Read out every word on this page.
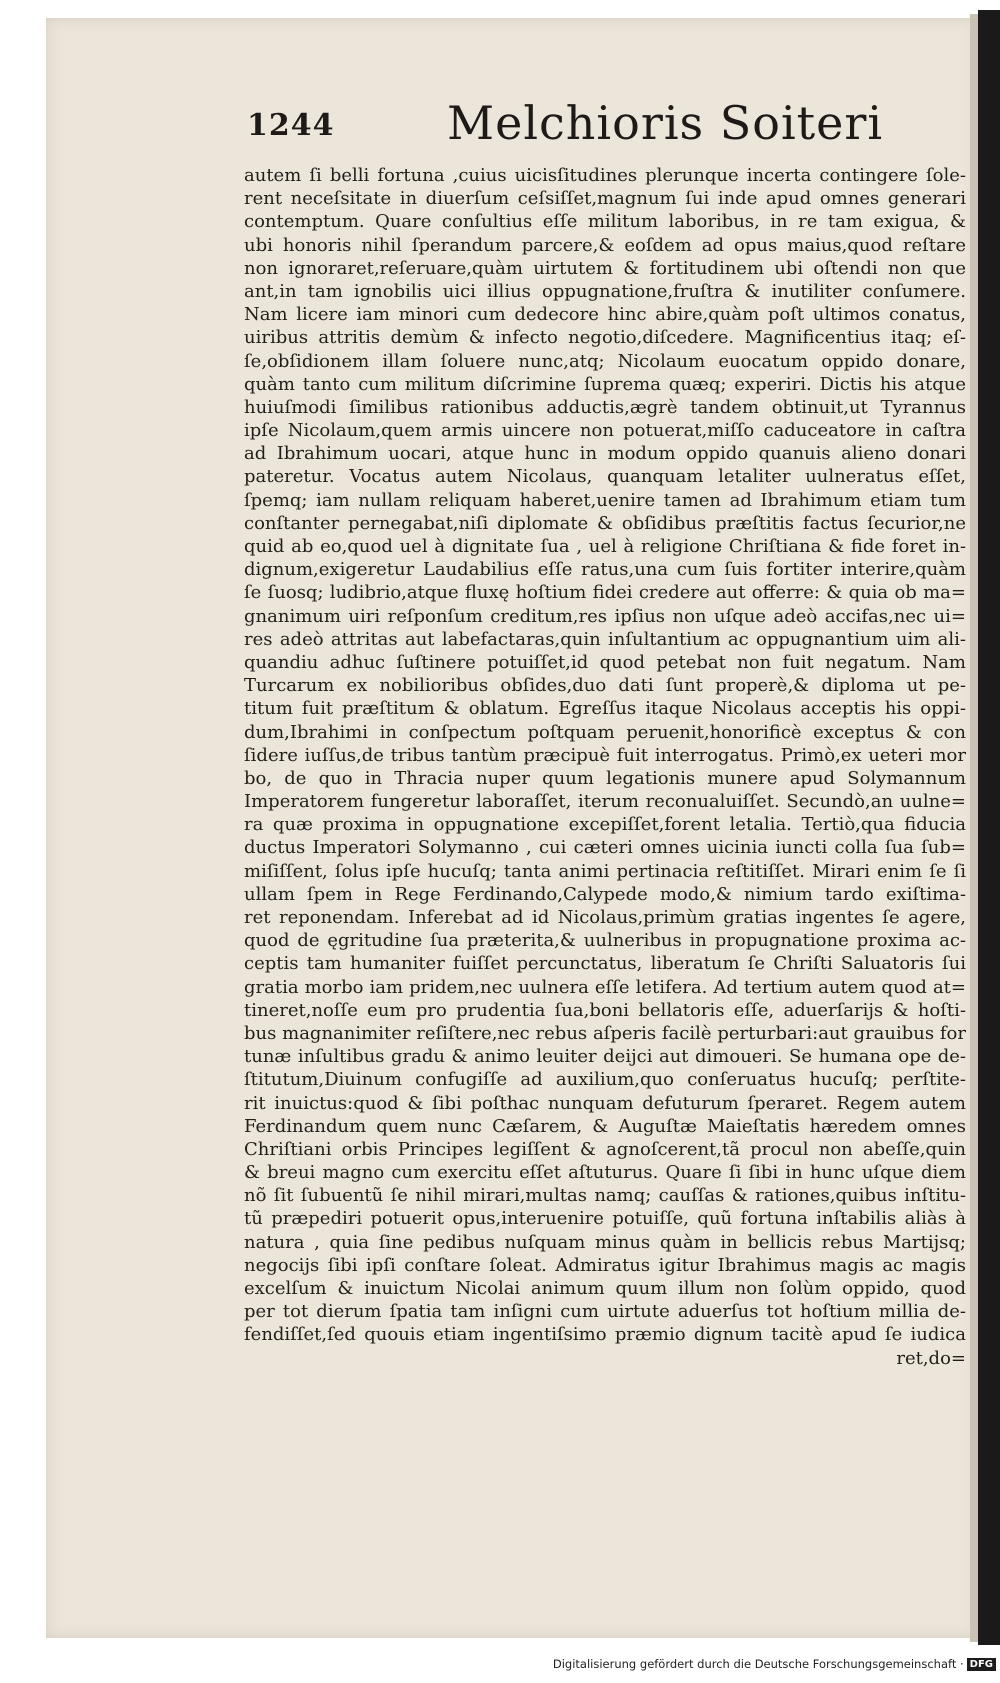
1244 Melchioris Soiteri
autem ſi belli fortuna ,cuius uicisſitudines plerunque incerta contingere ſole-
rent neceſsitate in diuerſum ceſsiſſet,magnum ſui inde apud omnes generari
contemptum. Quare conſultius eſſe militum laboribus, in re tam exigua, &
ubi honoris nihil ſperandum parcere,& eoſdem ad opus maius,quod reſtare
non ignoraret,reſeruare,quàm uirtutem & fortitudinem ubi oſtendi non que
ant,in tam ignobilis uici illius oppugnatione,fruſtra & inutiliter conſumere.
Nam licere iam minori cum dedecore hinc abire,quàm poſt ultimos conatus,
uiribus attritis demùm & infecto negotio,diſcedere. Magnificentius itaq; eſ-
ſe,obſidionem illam ſoluere nunc,atq; Nicolaum euocatum oppido donare,
quàm tanto cum militum diſcrimine ſuprema quæq; experiri. Dictis his atque
huiuſmodi ſimilibus rationibus adductis,ægrè tandem obtinuit,ut Tyrannus
ipſe Nicolaum,quem armis uincere non potuerat,miſſo caduceatore in caſtra
ad Ibrahimum uocari, atque hunc in modum oppido quanuis alieno donari
pateretur. Vocatus autem Nicolaus, quanquam letaliter uulneratus eſſet,
ſpemq; iam nullam reliquam haberet,uenire tamen ad Ibrahimum etiam tum
conſtanter pernegabat,niſi diplomate & obſidibus præſtitis factus ſecurior,ne
quid ab eo,quod uel à dignitate ſua , uel à religione Chriſtiana & fide foret in-
dignum,exigeretur Laudabilius eſſe ratus,una cum ſuis fortiter interire,quàm
ſe ſuosq; ludibrio,atque fluxę hoſtium fidei credere aut offerre: & quia ob ma=
gnanimum uiri reſponſum creditum,res ipſius non uſque adeò accifas,nec ui=
res adeò attritas aut labefactaras,quin inſultantium ac oppugnantium uim ali-
quandiu adhuc ſuſtinere potuiſſet,id quod petebat non fuit negatum. Nam
Turcarum ex nobilioribus obſides,duo dati ſunt properè,& diploma ut pe-
titum fuit præſtitum & oblatum. Egreſſus itaque Nicolaus acceptis his oppi-
dum,Ibrahimi in conſpectum poſtquam peruenit,honorificè exceptus & con
ſidere iuſſus,de tribus tantùm præcipuè fuit interrogatus. Primò,ex ueteri mor
bo, de quo in Thracia nuper quum legationis munere apud Solymannum
Imperatorem fungeretur laboraſſet, iterum reconualuiſſet. Secundò,an uulne=
ra quæ proxima in oppugnatione excepiſſet,forent letalia. Tertiò,qua fiducia
ductus Imperatori Solymanno , cui cæteri omnes uicinia iuncti colla ſua ſub=
miſiſſent, ſolus ipſe hucuſq; tanta animi pertinacia reſtitiſſet. Mirari enim ſe ſi
ullam ſpem in Rege Ferdinando,Calypede modo,& nimium tardo exiſtima-
ret reponendam. Inferebat ad id Nicolaus,primùm gratias ingentes ſe agere,
quod de ęgritudine ſua præterita,& uulneribus in propugnatione proxima ac-
ceptis tam humaniter fuiſſet percunctatus, liberatum ſe Chriſti Saluatoris ſui
gratia morbo iam pridem,nec uulnera eſſe letifera. Ad tertium autem quod at=
tineret,noſſe eum pro prudentia ſua,boni bellatoris eſſe, aduerſarijs & hoſti-
bus magnanimiter reſiſtere,nec rebus aſperis facilè perturbari:aut grauibus for
tunæ inſultibus gradu & animo leuiter deijci aut dimoueri. Se humana ope de-
ſtitutum,Diuinum confugiſſe ad auxilium,quo conſeruatus hucuſq; perſtite-
rit inuictus:quod & ſibi poſthac nunquam defuturum ſperaret. Regem autem
Ferdinandum quem nunc Cæſarem, & Auguſtæ Maieſtatis hæredem omnes
Chriſtiani orbis Principes legiſſent & agnoſcerent,tã procul non abeſſe,quin
& breui magno cum exercitu eſſet aſtuturus. Quare ſi ſibi in hunc uſque diem
nõ ſit ſubuentũ ſe nihil mirari,multas namq; cauſſas & rationes,quibus inſtitu-
tũ præpediri potuerit opus,interuenire potuiſſe, quũ fortuna inſtabilis aliàs à
natura , quia ſine pedibus nuſquam minus quàm in bellicis rebus Martijsq;
negocijs ſibi ipſi conſtare ſoleat. Admiratus igitur Ibrahimus magis ac magis
excelſum & inuictum Nicolai animum quum illum non ſolùm oppido, quod
per tot dierum ſpatia tam inſigni cum uirtute aduerſus tot hoſtium millia de-
fendiſſet,ſed quouis etiam ingentiſsimo præmio dignum tacitè apud ſe iudica
ret,do=
Digitalisierung gefördert durch die Deutsche Forschungsgemeinschaft · DFG
